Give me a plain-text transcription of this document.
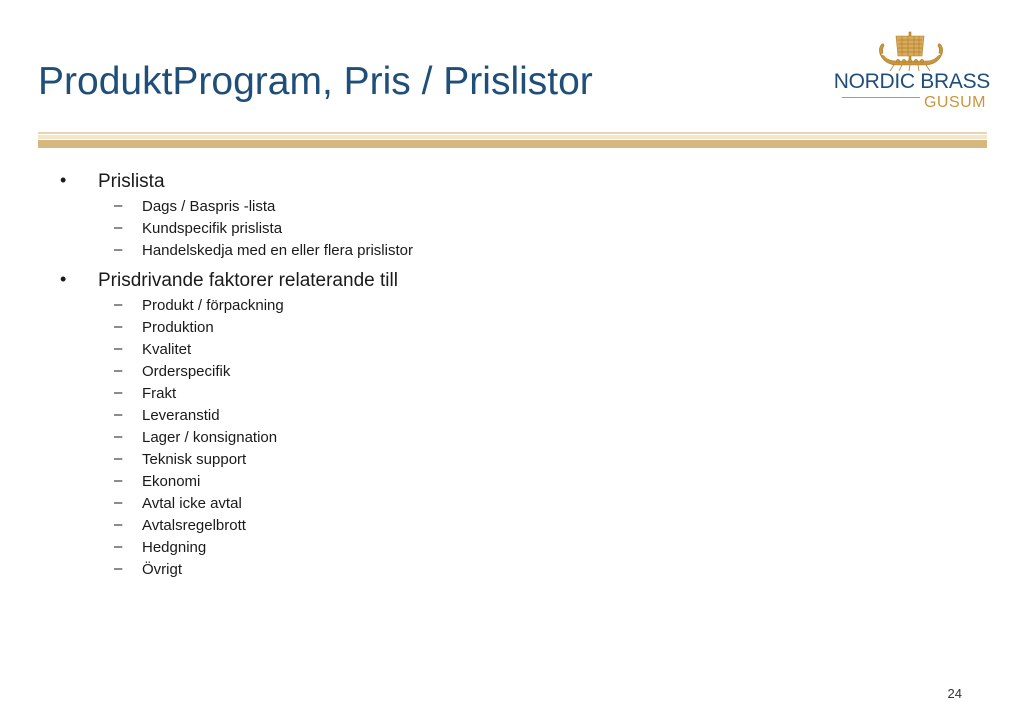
ProduktProgram, Pris / Prislistor	NORDIC BRASS
GUSUM
• Prislista
– Dags / Baspris -lista
– Kundspecifik prislista
– Handelskedja med en eller flera prislistor
• Prisdrivande faktorer relaterande till
– Produkt / förpackning
– Produktion
– Kvalitet
– Orderspecifik
– Frakt
– Leveranstid
– Lager / konsignation
– Teknisk support
– Ekonomi
– Avtal icke avtal
– Avtalsregelbrott
– Hedgning
– Övrigt
24
